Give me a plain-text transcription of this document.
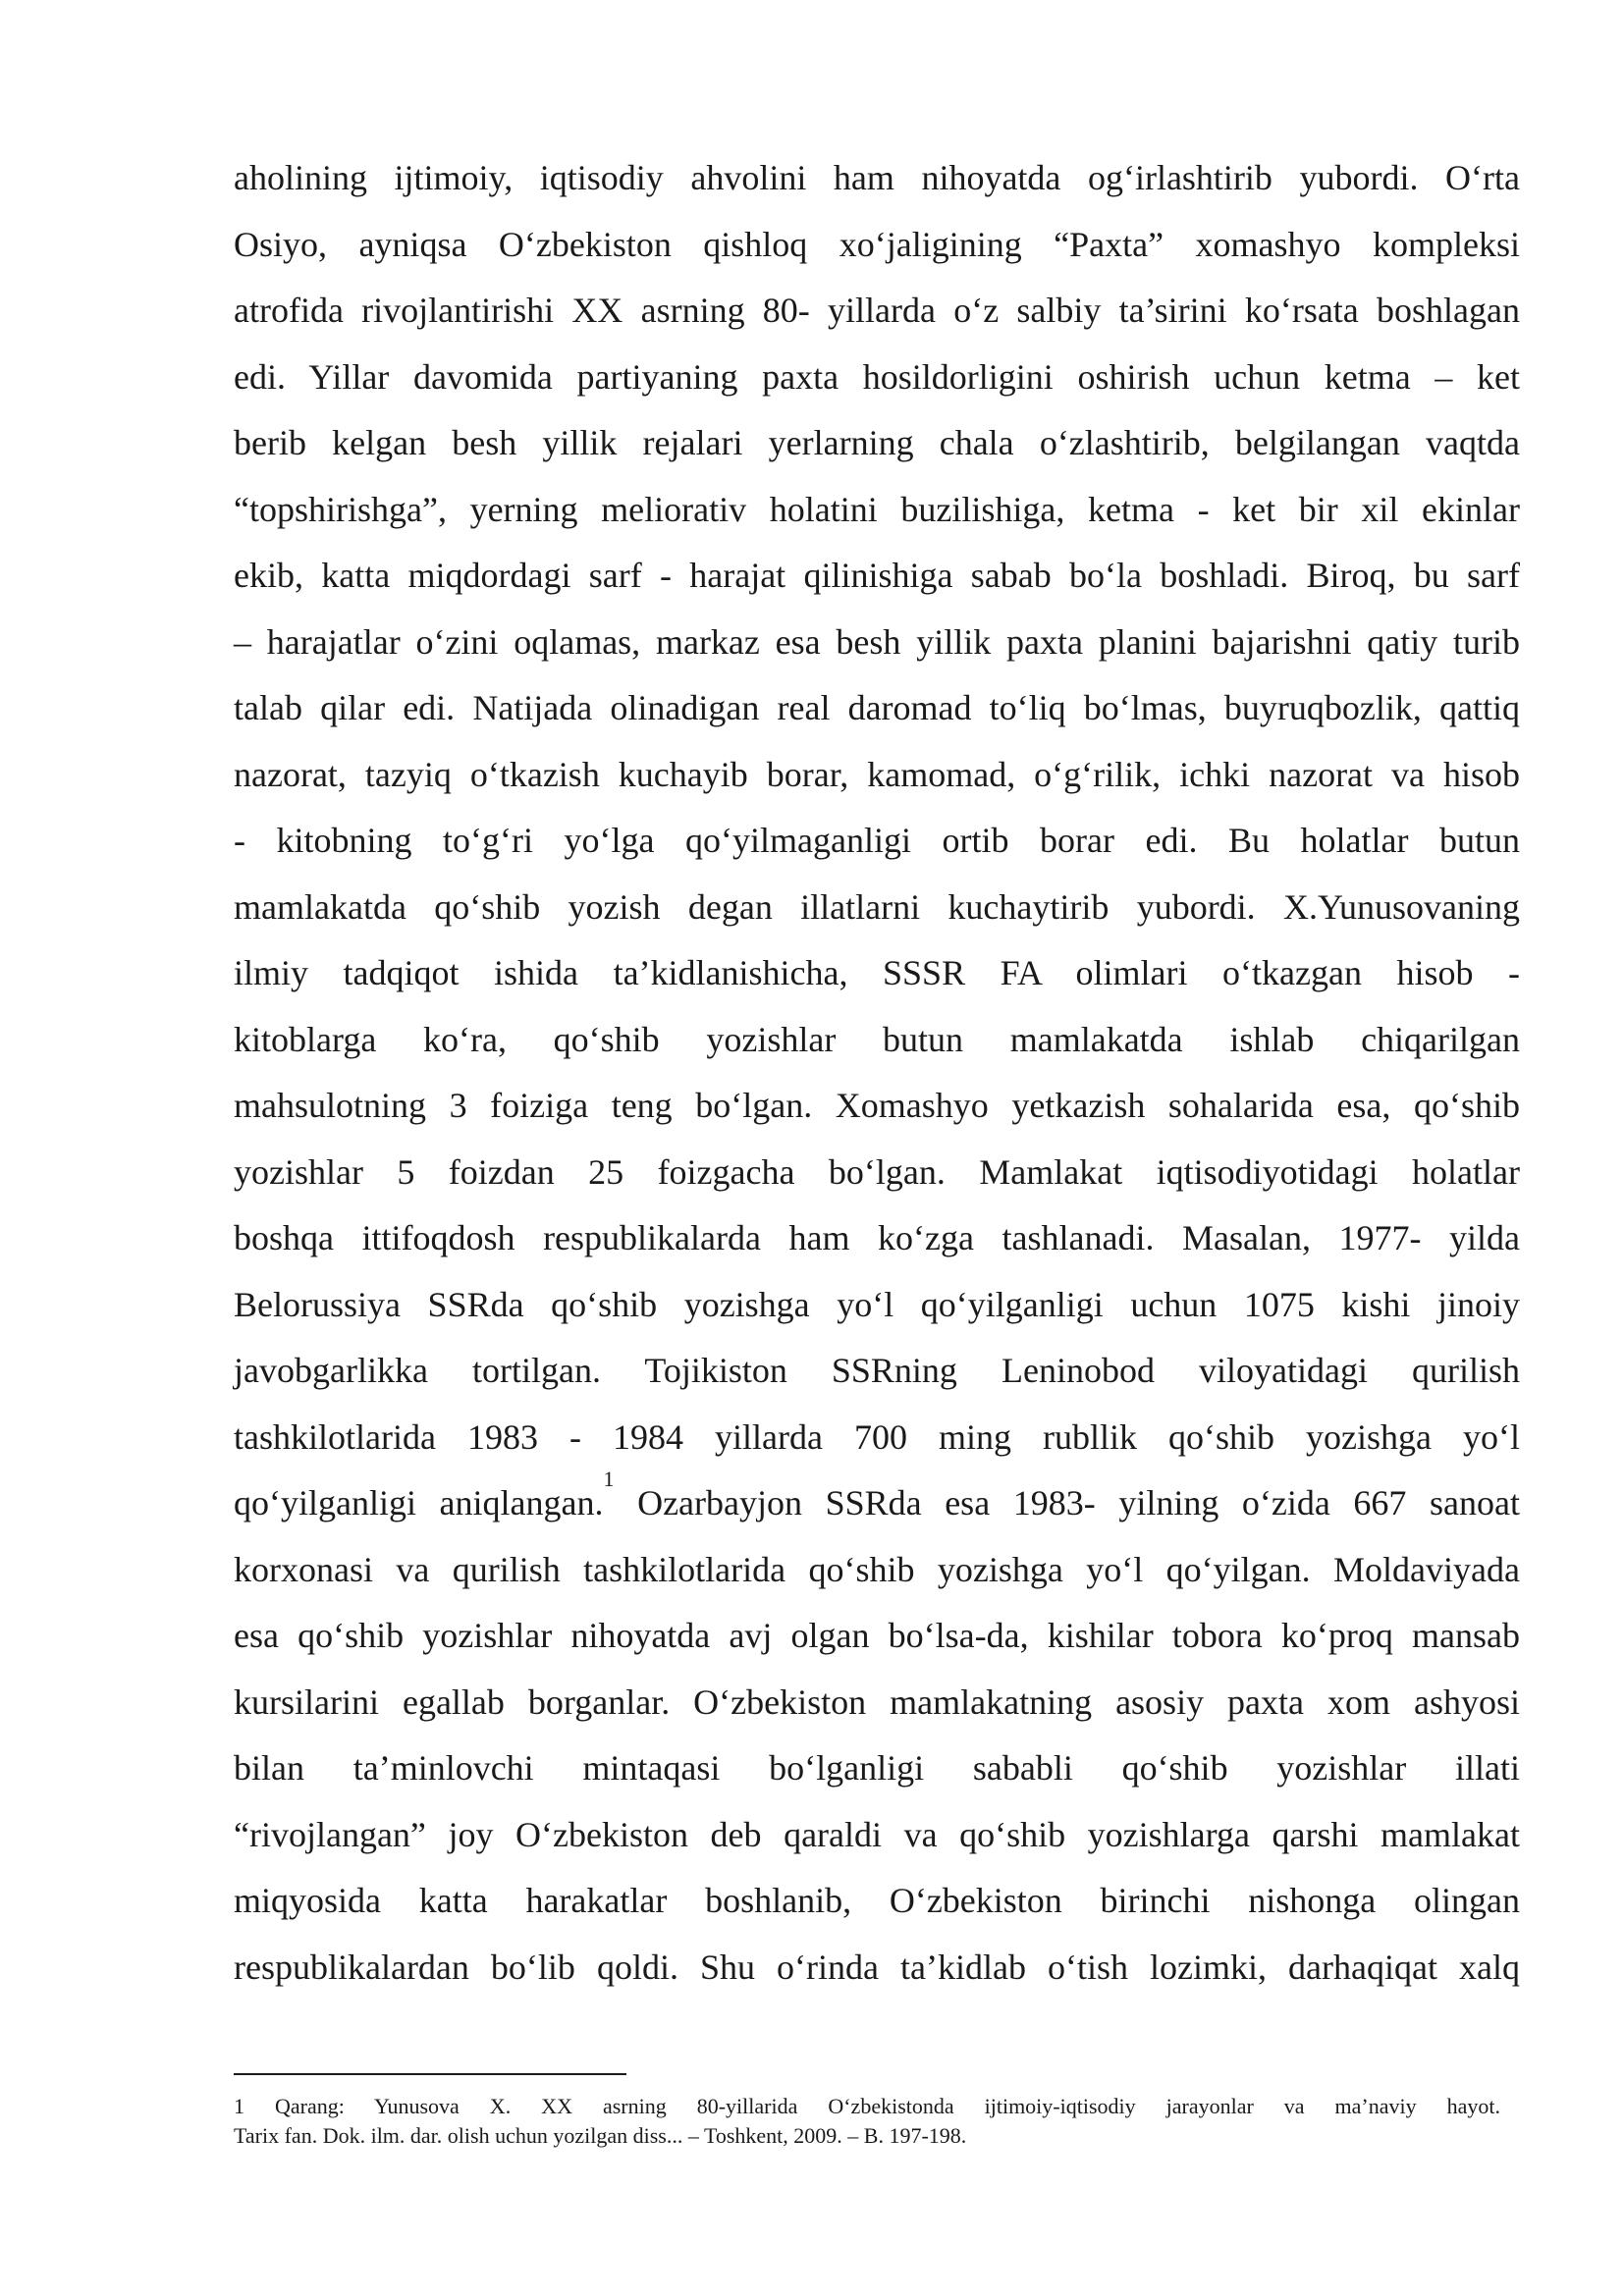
aholining ijtimoiy, iqtisodiy ahvolini ham nihoyatda og‘irlashtirib yubordi. O‘rta
Osiyo, ayniqsa O‘zbekiston qishloq xo‘jaligining “Paxta” xomashyo kompleksi
atrofida rivojlantirishi XX asrning 80- yillarda o‘z salbiy ta’sirini ko‘rsata boshlagan
edi. Yillar davomida partiyaning paxta hosildorligini oshirish uchun ketma – ket
berib kelgan besh yillik rejalari yerlarning chala o‘zlashtirib, belgilangan vaqtda
“topshirishga”, yerning meliorativ holatini buzilishiga, ketma - ket bir xil ekinlar
ekib, katta miqdordagi sarf - harajat qilinishiga sabab bo‘la boshladi. Biroq, bu sarf
– harajatlar o‘zini oqlamas, markaz esa besh yillik paxta planini bajarishni qatiy turib
talab qilar edi. Natijada olinadigan real daromad to‘liq bo‘lmas, buyruqbozlik, qattiq
nazorat, tazyiq o‘tkazish kuchayib borar, kamomad, o‘g‘rilik, ichki nazorat va hisob
- kitobning to‘g‘ri yo‘lga qo‘yilmaganligi ortib borar edi. Bu holatlar butun
mamlakatda qo‘shib yozish degan illatlarni kuchaytirib yubordi. X.Yunusovaning
ilmiy tadqiqot ishida ta’kidlanishicha, SSSR FA olimlari o‘tkazgan hisob -
kitoblarga ko‘ra, qo‘shib yozishlar butun mamlakatda ishlab chiqarilgan
mahsulotning 3 foiziga teng bo‘lgan. Xomashyo yetkazish sohalarida esa, qo‘shib
yozishlar 5 foizdan 25 foizgacha bo‘lgan. Mamlakat iqtisodiyotidagi holatlar
boshqa ittifoqdosh respublikalarda ham ko‘zga tashlanadi. Masalan, 1977- yilda
Belorussiya SSRda qo‘shib yozishga yo‘l qo‘yilganligi uchun 1075 kishi jinoiy
javobgarlikka tortilgan. Tojikiston SSRning Leninobod viloyatidagi qurilish
tashkilotlarida 1983 - 1984 yillarda 700 ming rubllik qo‘shib yozishga yo‘l
qo‘yilganligi aniqlangan.$^1$ Ozarbayjon SSRda esa 1983- yilning o‘zida 667 sanoat
korxonasi va qurilish tashkilotlarida qo‘shib yozishga yo‘l qo‘yilgan. Moldaviyada
esa qo‘shib yozishlar nihoyatda avj olgan bo‘lsa-da, kishilar tobora ko‘proq mansab
kursilarini egallab borganlar. O‘zbekiston mamlakatning asosiy paxta xom ashyosi
bilan ta’minlovchi mintaqasi bo‘lganligi sababli qo‘shib yozishlar illati
“rivojlangan” joy O‘zbekiston deb qaraldi va qo‘shib yozishlarga qarshi mamlakat
miqyosida katta harakatlar boshlanib, O‘zbekiston birinchi nishonga olingan
respublikalardan bo‘lib qoldi. Shu o‘rinda ta’kidlab o‘tish lozimki, darhaqiqat xalq
1 Qarang: Yunusova X. XX asrning 80-yillarida O‘zbekistonda ijtimoiy-iqtisodiy jarayonlar va ma’naviy hayot.
Tarix fan. Dok. ilm. dar. olish uchun yozilgan diss... – Toshkent, 2009. – B. 197-198.
